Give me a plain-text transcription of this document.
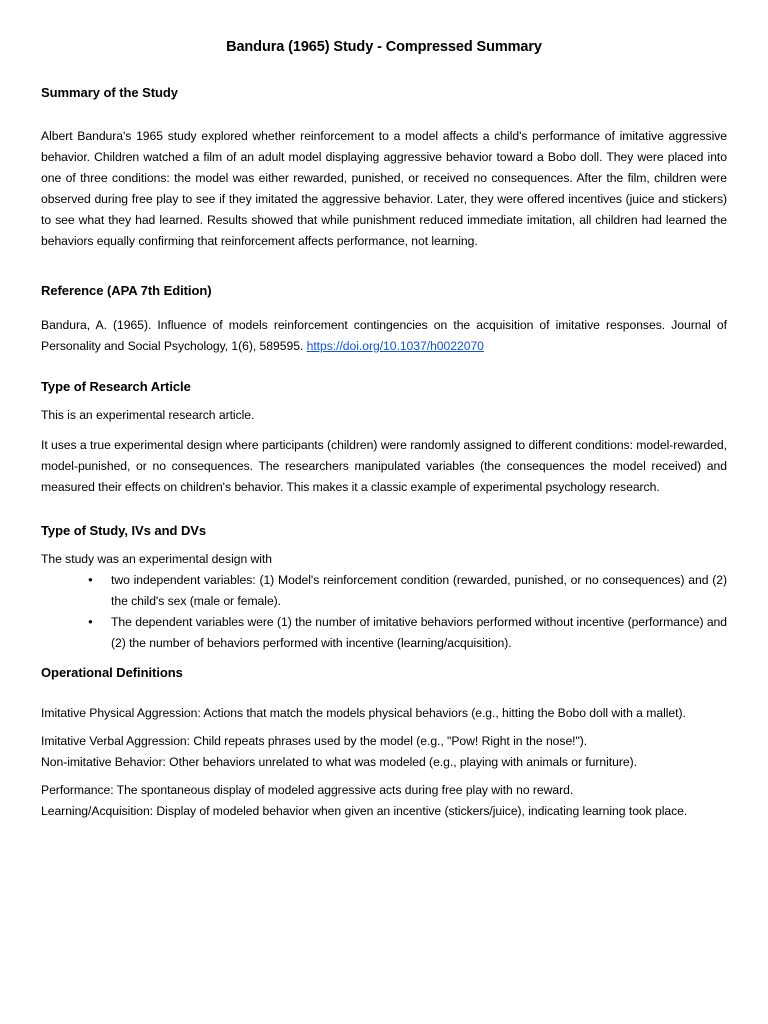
Bandura (1965) Study - Compressed Summary
Summary of the Study

Albert Bandura's 1965 study explored whether reinforcement to a model affects a child's performance of imitative aggressive behavior. Children watched a film of an adult model displaying aggressive behavior toward a Bobo doll. They were placed into one of three conditions: the model was either rewarded, punished, or received no consequences. After the film, children were observed during free play to see if they imitated the aggressive behavior. Later, they were offered incentives (juice and stickers) to see what they had learned. Results showed that while punishment reduced immediate imitation, all children had learned the behaviors equally confirming that reinforcement affects performance, not learning.

Reference (APA 7th Edition)

Bandura, A. (1965). Influence of models reinforcement contingencies on the acquisition of imitative responses. Journal of Personality and Social Psychology, 1(6), 589595. https://doi.org/10.1037/h0022070

Type of Research Article

This is an experimental research article.

It uses a true experimental design where participants (children) were randomly assigned to different conditions: model-rewarded, model-punished, or no consequences. The researchers manipulated variables (the consequences the model received) and measured their effects on children's behavior. This makes it a classic example of experimental psychology research.

Type of Study, IVs and DVs

The study was an experimental design with

● two independent variables: (1) Model's reinforcement condition (rewarded, punished, or no consequences) and (2) the child's sex (male or female).
● The dependent variables were (1) the number of imitative behaviors performed without incentive (performance) and (2) the number of behaviors performed with incentive (learning/acquisition).
Operational Definitions

Imitative Physical Aggression: Actions that match the models physical behaviors (e.g., hitting the Bobo doll with a mallet).

Imitative Verbal Aggression: Child repeats phrases used by the model (e.g., "Pow! Right in the nose!").

Non-imitative Behavior: Other behaviors unrelated to what was modeled (e.g., playing with animals or furniture).

Performance: The spontaneous display of modeled aggressive acts during free play with no reward.

Learning/Acquisition: Display of modeled behavior when given an incentive (stickers/juice), indicating learning took place.
